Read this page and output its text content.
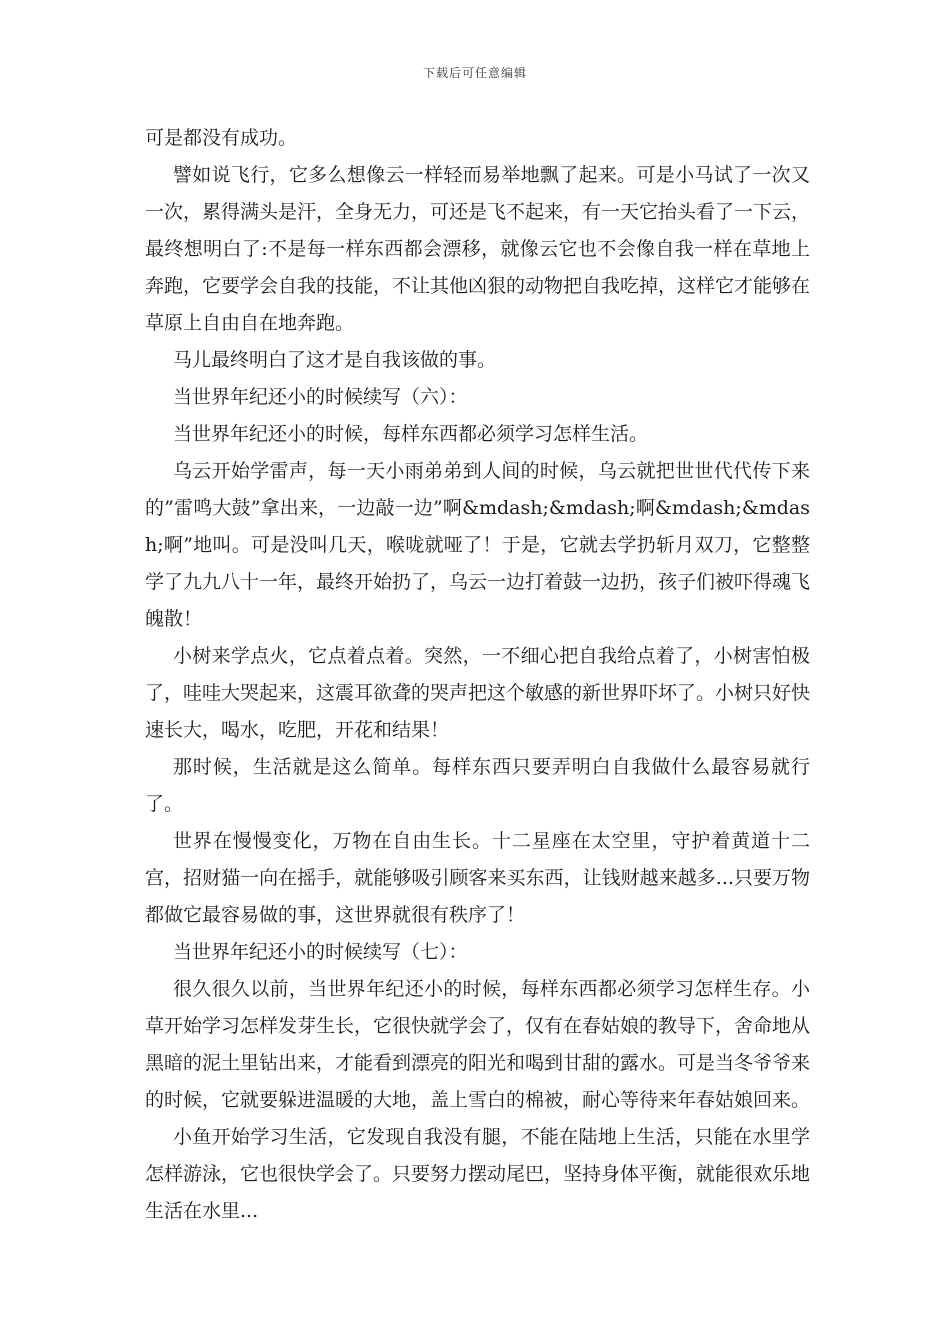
下载后可任意编辑

可是都没有成功。

譬如说飞行，它多么想像云一样轻而易举地飘了起来。可是小马试了一次又一次，累得满头是汗，全身无力，可还是飞不起来，有一天它抬头看了一下云，最终想明白了:不是每一样东西都会漂移，就像云它也不会像自我一样在草地上奔跑，它要学会自我的技能，不让其他凶狠的动物把自我吃掉，这样它才能够在草原上自由自在地奔跑。

马儿最终明白了这才是自我该做的事。

当世界年纪还小的时候续写（六）：

当世界年纪还小的时候，每样东西都必须学习怎样生活。

乌云开始学雷声，每一天小雨弟弟到人间的时候，乌云就把世世代代传下来的”雷鸣大鼓”拿出来，一边敲一边”啊&mdash;&mdash;啊&mdash;&mdash;啊”地叫。可是没叫几天，喉咙就哑了！于是，它就去学扔斩月双刀，它整整学了九九八十一年，最终开始扔了，乌云一边打着鼓一边扔，孩子们被吓得魂飞魄散！

小树来学点火，它点着点着。突然，一不细心把自我给点着了，小树害怕极了，哇哇大哭起来，这震耳欲聋的哭声把这个敏感的新世界吓坏了。小树只好快速长大，喝水，吃肥，开花和结果！

那时候，生活就是这么简单。每样东西只要弄明白自我做什么最容易就行了。

世界在慢慢变化，万物在自由生长。十二星座在太空里，守护着黄道十二宫，招财猫一向在摇手，就能够吸引顾客来买东西，让钱财越来越多...只要万物都做它最容易做的事，这世界就很有秩序了！

当世界年纪还小的时候续写（七）：

很久很久以前，当世界年纪还小的时候，每样东西都必须学习怎样生存。小草开始学习怎样发芽生长，它很快就学会了，仅有在春姑娘的教导下，舍命地从黑暗的泥土里钻出来，才能看到漂亮的阳光和喝到甘甜的露水。可是当冬爷爷来的时候，它就要躲进温暖的大地，盖上雪白的棉被，耐心等待来年春姑娘回来。

小鱼开始学习生活，它发现自我没有腿，不能在陆地上生活，只能在水里学怎样游泳，它也很快学会了。只要努力摆动尾巴，坚持身体平衡，就能很欢乐地生活在水里...
